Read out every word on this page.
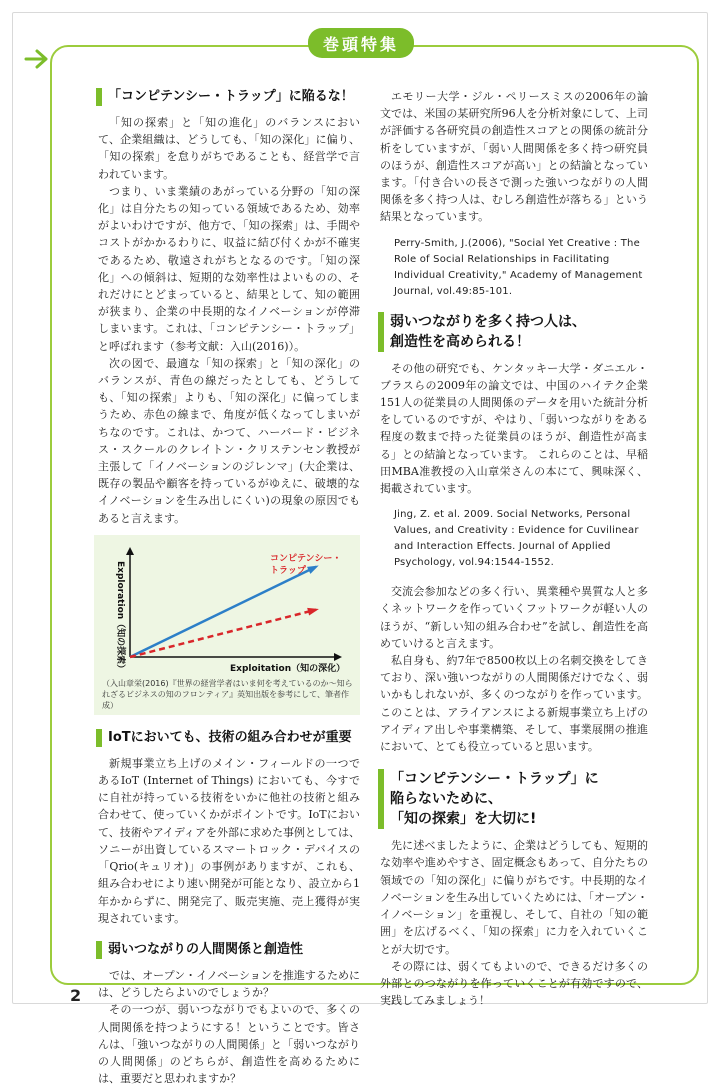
巻頭特集
「コンピテンシー・トラップ」に陥るな！

「知の探索」と「知の進化」のバランスにおいて、企業組織は、どうしても、「知の深化」に偏り、「知の探索」を怠りがちであることも、経営学で言われています。

つまり、いま業績のあがっている分野の「知の深化」は自分たちの知っている領域であるため、効率がよいわけですが、他方で、「知の探索」は、手間やコストがかかるわりに、収益に結び付くかが不確実であるため、敬遠されがちとなるのです。「知の深化」への傾斜は、短期的な効率性はよいものの、それだけにとどまっていると、結果として、知の範囲が狭まり、企業の中長期的なイノベーションが停滞しまいます。これは、「コンピテンシー・トラップ」と呼ばれます（参考文献：入山(2016)）。

次の図で、最適な「知の探索」と「知の深化」のバランスが、青色の線だったとしても、どうしても、「知の探索」よりも、「知の深化」に偏ってしまうため、赤色の線まで、角度が低くなってしまいがちなのです。これは、かつて、ハーバード・ビジネス・スクールのクレイトン・クリステンセン教授が主張して「イノベーションのジレンマ」(大企業は、既存の製品や顧客を持っているがゆえに、破壊的なイノベーションを生み出しにくい)の現象の原因でもあると言えます。

コンピテンシー・
トラップ
Exploitation（知の深化）
Exploration（知の探索）
（入山章栄(2016)『世界の経営学者はいま何を考えているのか～知られざるビジネスの知のフロンティア』英知出版を参考にして、筆者作成）
IoTにおいても、技術の組み合わせが重要

新規事業立ち上げのメイン・フィールドの一つであるIoT (Internet of Things) においても、今すでに自社が持っている技術をいかに他社の技術と組み合わせて、使っていくかがポイントです。IoTにおいて、技術やアイディアを外部に求めた事例としては、ソニーが出資しているスマートロック・デバイスの「Qrio(キュリオ)」の事例がありますが、これも、組み合わせにより速い開発が可能となり、設立から1年かからずに、開発完了、販売実施、売上獲得が実現されています。

弱いつながりの人間関係と創造性

では、オープン・イノベーションを推進するためには、どうしたらよいのでしょうか？

その一つが、弱いつながりでもよいので、多くの人間関係を持つようにする！ということです。皆さんは、「強いつながりの人間関係」と「弱いつながりの人間関係」のどちらが、創造性を高めるためには、重要だと思われますか？

エモリー大学・ジル・ペリースミスの2006年の論文では、米国の某研究所96人を分析対象にして、上司が評価する各研究員の創造性スコアとの関係の統計分析をしていますが、「弱い人間関係を多く持つ研究員のほうが、創造性スコアが高い」との結論となっています。「付き合いの長さで測った強いつながりの人間関係を多く持つ人は、むしろ創造性が落ちる」という結果となっています。

Perry-Smith, J.(2006), "Social Yet Creative : The Role of Social Relationships in Facilitating Individual Creativity," Academy of Management Journal, vol.49:85-101.
弱いつながりを多く持つ人は、
創造性を高められる！

その他の研究でも、ケンタッキー大学・ダニエル・ブラスらの2009年の論文では、中国のハイテク企業151人の従業員の人間関係のデータを用いた統計分析をしているのですが、やはり、「弱いつながりをある程度の数まで持った従業員のほうが、創造性が高まる」との結論となっています。 これらのことは、早稲田MBA准教授の入山章栄さんの本にて、興味深く、掲載されています。

Jing, Z. et al. 2009. Social Networks, Personal Values, and Creativity : Evidence for Cuvilinear and Interaction Effects. Journal of Applied Psychology, vol.94:1544-1552.

交流会参加などの多く行い、異業種や異質な人と多くネットワークを作っていくフットワークが軽い人のほうが、“新しい知の組み合わせ”を試し、創造性を高めていけると言えます。

私自身も、約7年で8500枚以上の名刺交換をしてきており、深い強いつながりの人間関係だけでなく、弱いかもしれないが、多くのつながりを作っています。このことは、アライアンスによる新規事業立ち上げのアイディア出しや事業構築、そして、事業展開の推進において、とても役立っていると思います。

「コンピテンシー・トラップ」に
陥らないために、
「知の探索」を大切に!

先に述べましたように、企業はどうしても、短期的な効率や進めやすさ、固定概念もあって、自分たちの領域での「知の深化」に偏りがちです。中長期的なイノベーションを生み出していくためには、「オープン・イノベーション」を重視し、そして、自社の「知の範囲」を広げるべく、「知の探索」に力を入れていくことが大切です。

その際には、弱くてもよいので、できるだけ多くの外部とのつながりを作っていくことが有効ですので、実践してみましょう！

2
